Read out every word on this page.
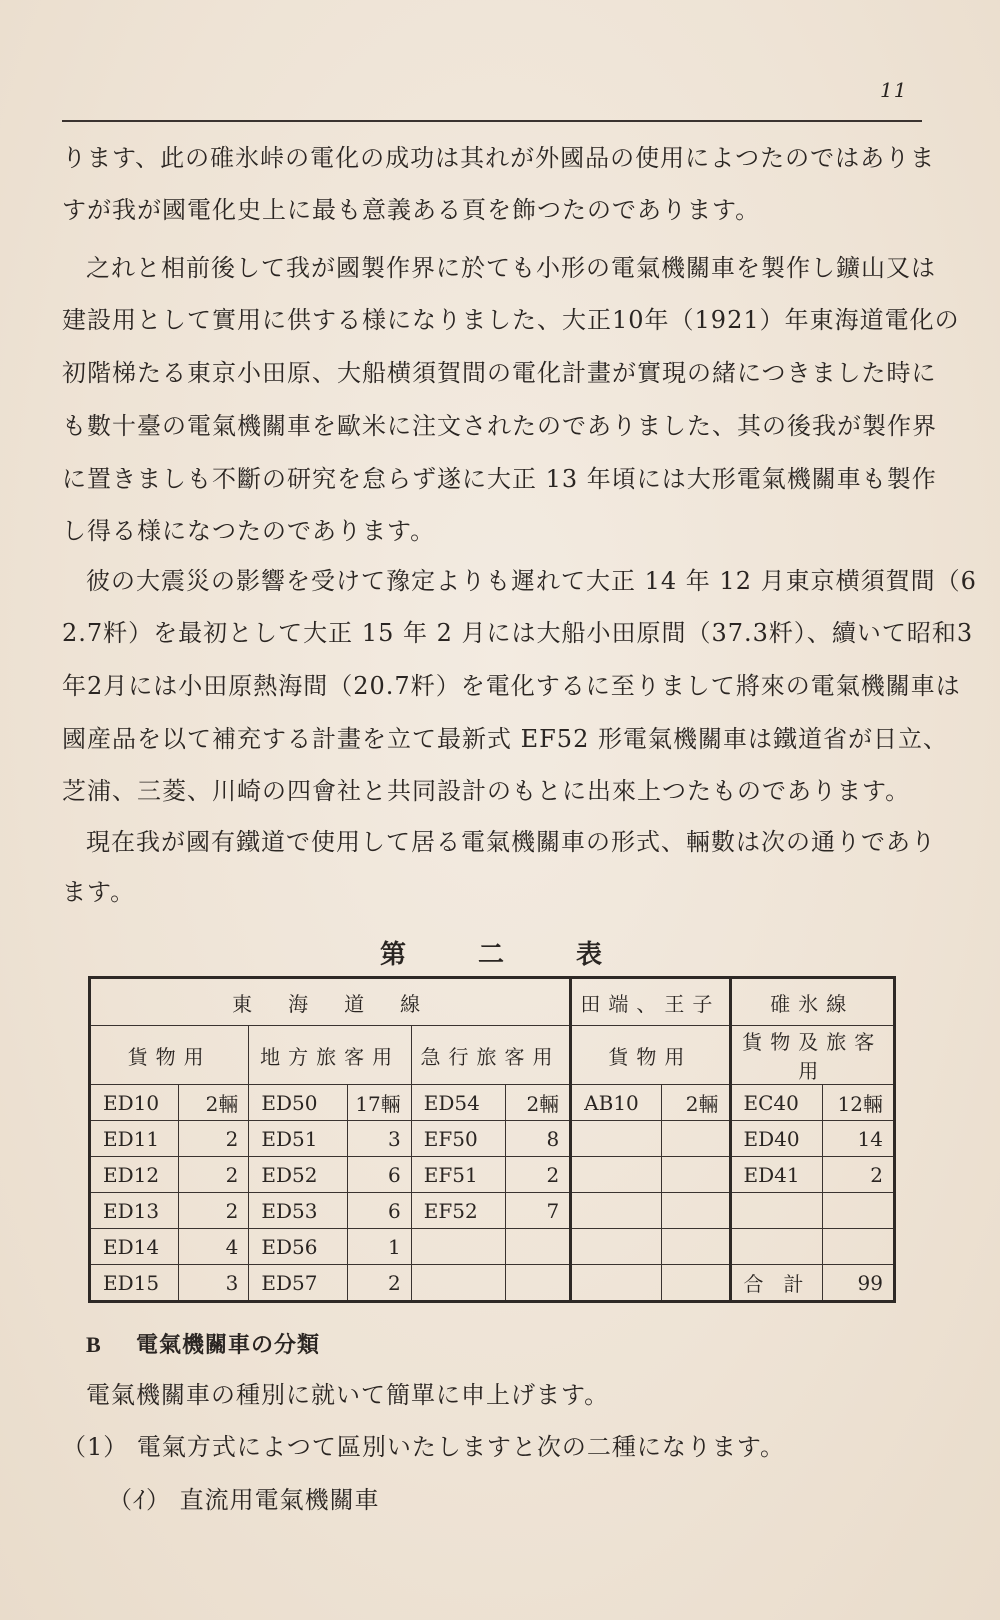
11
ります、此の碓氷峠の電化の成功は其れが外國品の使用によつたのではありま
すが我が國電化史上に最も意義ある頁を飾つたのであります。
之れと相前後して我が國製作界に於ても小形の電氣機關車を製作し鑛山又は
建設用として實用に供する様になりました、大正10年（1921）年東海道電化の
初階梯たる東京小田原、大船横須賀間の電化計畫が實現の緒につきました時に
も數十臺の電氣機關車を歐米に注文されたのでありました、其の後我が製作界
に置きましも不斷の研究を怠らず遂に大正 13 年頃には大形電氣機關車も製作
し得る様になつたのであります。
彼の大震災の影響を受けて豫定よりも遲れて大正 14 年 12 月東京横須賀間（6
2.7粁）を最初として大正 15 年 2 月には大船小田原間（37.3粁）、續いて昭和3
年2月には小田原熱海間（20.7粁）を電化するに至りまして將來の電氣機關車は
國産品を以て補充する計畫を立て最新式 EF52 形電氣機關車は鐵道省が日立、
芝浦、三菱、川崎の四會社と共同設計のもとに出來上つたものであります。
現在我が國有鐵道で使用して居る電氣機關車の形式、輛數は次の通りであり
ます。
第	二	表
東　海　道　線						田端、王子		碓氷線	
貨物用		地方旅客用		急行旅客用		貨物用		貨物及旅客用	
ED10	2輛	ED50	17輛	ED54	2輛	AB10	2輛	EC40	12輛
ED11	2	ED51	3	EF50	8			ED40	14
ED12	2	ED52	6	EF51	2			ED41	2
ED13	2	ED53	6	EF52	7				
ED14	4	ED56	1						
ED15	3	ED57	2					合　計	99
B 電氣機關車の分類
電氣機關車の種別に就いて簡單に申上げます。
（1） 電氣方式によつて區別いたしますと次の二種になります。
（ｲ） 直流用電氣機關車
